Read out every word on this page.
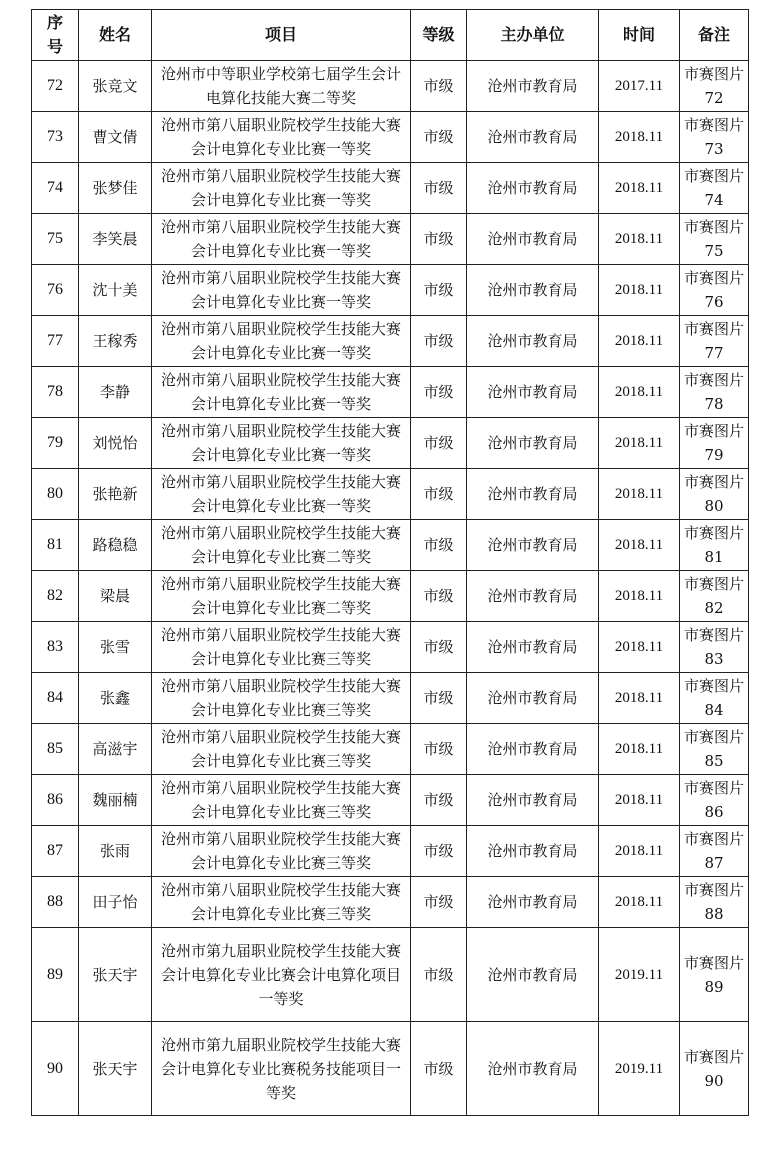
序号	姓名	项目	等级	主办单位	时间	备注
72	张竞文	沧州市中等职业学校第七届学生会计电算化技能大赛二等奖	市级	沧州市教育局	2017.11	市赛图片 72
73	曹文倩	沧州市第八届职业院校学生技能大赛会计电算化专业比赛一等奖	市级	沧州市教育局	2018.11	市赛图片 73
74	张梦佳	沧州市第八届职业院校学生技能大赛会计电算化专业比赛一等奖	市级	沧州市教育局	2018.11	市赛图片 74
75	李笑晨	沧州市第八届职业院校学生技能大赛会计电算化专业比赛一等奖	市级	沧州市教育局	2018.11	市赛图片 75
76	沈十美	沧州市第八届职业院校学生技能大赛会计电算化专业比赛一等奖	市级	沧州市教育局	2018.11	市赛图片 76
77	王稼秀	沧州市第八届职业院校学生技能大赛会计电算化专业比赛一等奖	市级	沧州市教育局	2018.11	市赛图片 77
78	李静	沧州市第八届职业院校学生技能大赛会计电算化专业比赛一等奖	市级	沧州市教育局	2018.11	市赛图片 78
79	刘悦怡	沧州市第八届职业院校学生技能大赛会计电算化专业比赛一等奖	市级	沧州市教育局	2018.11	市赛图片 79
80	张艳新	沧州市第八届职业院校学生技能大赛会计电算化专业比赛一等奖	市级	沧州市教育局	2018.11	市赛图片 80
81	路稳稳	沧州市第八届职业院校学生技能大赛会计电算化专业比赛二等奖	市级	沧州市教育局	2018.11	市赛图片 81
82	梁晨	沧州市第八届职业院校学生技能大赛会计电算化专业比赛二等奖	市级	沧州市教育局	2018.11	市赛图片 82
83	张雪	沧州市第八届职业院校学生技能大赛会计电算化专业比赛三等奖	市级	沧州市教育局	2018.11	市赛图片 83
84	张鑫	沧州市第八届职业院校学生技能大赛会计电算化专业比赛三等奖	市级	沧州市教育局	2018.11	市赛图片 84
85	高滋宇	沧州市第八届职业院校学生技能大赛会计电算化专业比赛三等奖	市级	沧州市教育局	2018.11	市赛图片 85
86	魏丽楠	沧州市第八届职业院校学生技能大赛会计电算化专业比赛三等奖	市级	沧州市教育局	2018.11	市赛图片 86
87	张雨	沧州市第八届职业院校学生技能大赛会计电算化专业比赛三等奖	市级	沧州市教育局	2018.11	市赛图片 87
88	田子怡	沧州市第八届职业院校学生技能大赛会计电算化专业比赛三等奖	市级	沧州市教育局	2018.11	市赛图片 88
89	张天宇	沧州市第九届职业院校学生技能大赛会计电算化专业比赛会计电算化项目一等奖	市级	沧州市教育局	2019.11	市赛图片 89
90	张天宇	沧州市第九届职业院校学生技能大赛会计电算化专业比赛税务技能项目一等奖	市级	沧州市教育局	2019.11	市赛图片 90
